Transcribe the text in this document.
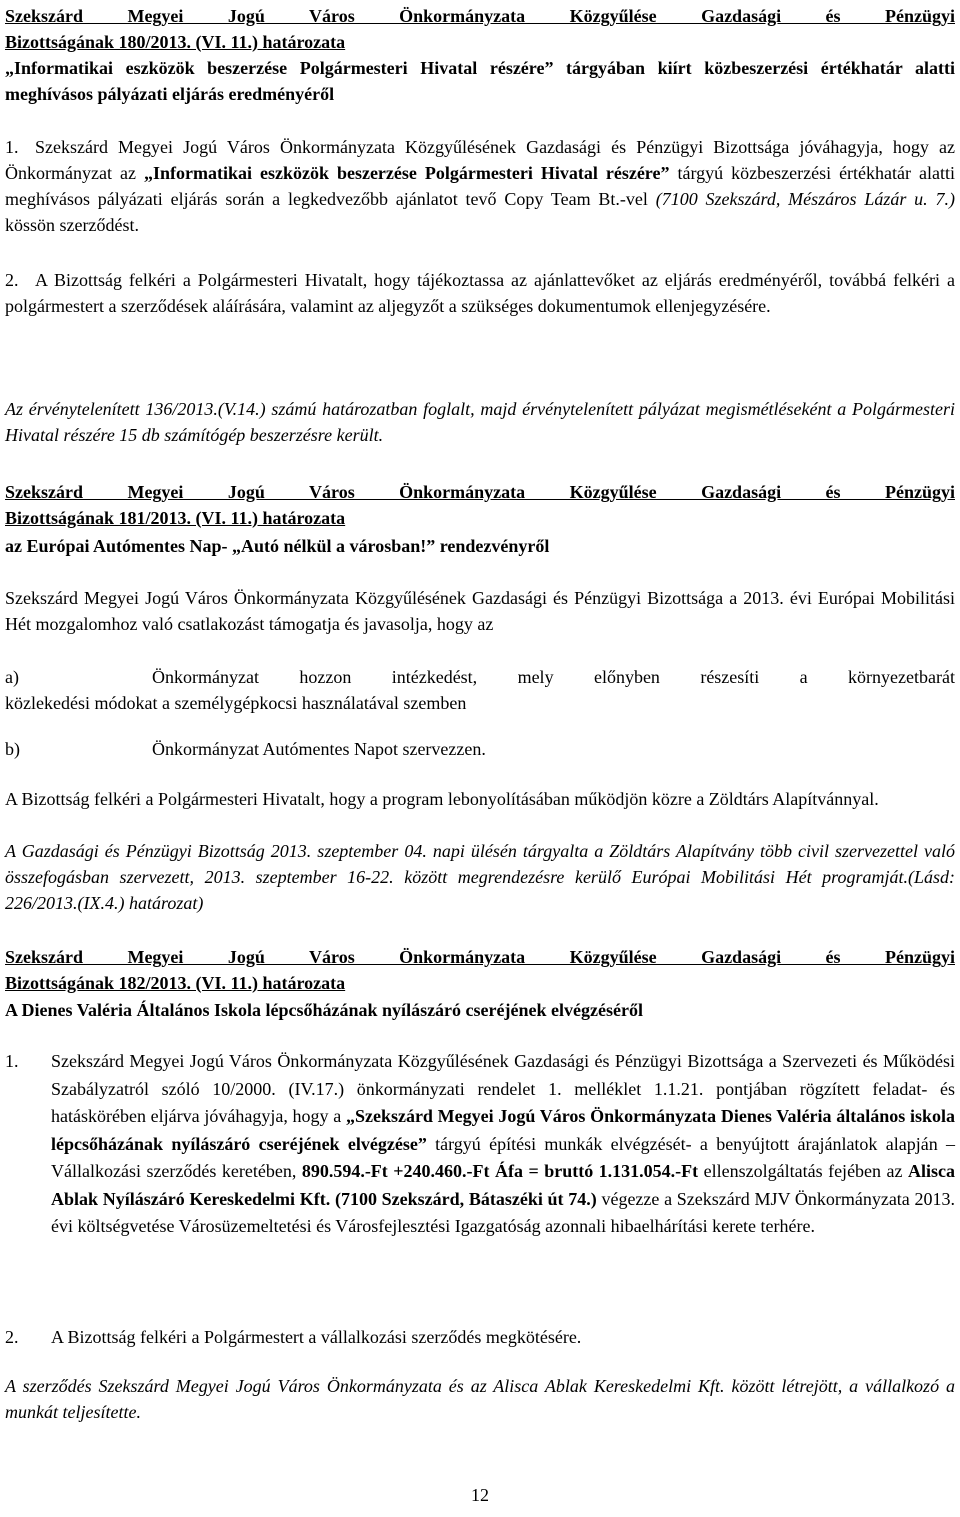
Szekszárd Megyei Jogú Város Önkormányzata Közgyűlése Gazdasági és Pénzügyi

Bizottságának 180/2013. (VI. 11.) határozata

„Informatikai eszközök beszerzése Polgármesteri Hivatal részére” tárgyában kiírt közbeszerzési értékhatár alatti meghívásos pályázati eljárás eredményéről
1. Szekszárd Megyei Jogú Város Önkormányzata Közgyűlésének Gazdasági és Pénzügyi Bizottsága jóváhagyja, hogy az Önkormányzat az „Informatikai eszközök beszerzése Polgármesteri Hivatal részére” tárgyú közbeszerzési értékhatár alatti meghívásos pályázati eljárás során a legkedvezőbb ajánlatot tevő Copy Team Bt.-vel (7100 Szekszárd, Mészáros Lázár u. 7.) kössön szerződést.

2. A Bizottság felkéri a Polgármesteri Hivatalt, hogy tájékoztassa az ajánlattevőket az eljárás eredményéről, továbbá felkéri a polgármestert a szerződések aláírására, valamint az aljegyzőt a szükséges dokumentumok ellenjegyzésére.

Az érvénytelenített 136/2013.(V.14.) számú határozatban foglalt, majd érvénytelenített pályázat megismétléseként a Polgármesteri Hivatal részére 15 db számítógép beszerzésre került.

Szekszárd Megyei Jogú Város Önkormányzata Közgyűlése Gazdasági és Pénzügyi

Bizottságának 181/2013. (VI. 11.) határozata

az Európai Autómentes Nap- „Autó nélkül a városban!” rendezvényről
Szekszárd Megyei Jogú Város Önkormányzata Közgyűlésének Gazdasági és Pénzügyi Bizottsága a 2013. évi Európai Mobilitási Hét mozgalomhoz való csatlakozást támogatja és javasolja, hogy az
a)	Önkormányzat hozzon intézkedést, mely előnyben részesíti a környezetbarát

közlekedési módokat a személygépkocsi használatával szemben

b)	Önkormányzat Autómentes Napot szervezzen.

A Bizottság felkéri a Polgármesteri Hivatalt, hogy a program lebonyolításában működjön közre a Zöldtárs Alapítvánnyal.
A Gazdasági és Pénzügyi Bizottság 2013. szeptember 04. napi ülésén tárgyalta a Zöldtárs Alapítvány több civil szervezettel való összefogásban szervezett, 2013. szeptember 16-22. között megrendezésre kerülő Európai Mobilitási Hét programját.(Lásd: 226/2013.(IX.4.) határozat)

Szekszárd Megyei Jogú Város Önkormányzata Közgyűlése Gazdasági és Pénzügyi

Bizottságának 182/2013. (VI. 11.) határozata

A Dienes Valéria Általános Iskola lépcsőházának nyílászáró cseréjének elvégzéséről
1. Szekszárd Megyei Jogú Város Önkormányzata Közgyűlésének Gazdasági és Pénzügyi Bizottsága a Szervezeti és Működési Szabályzatról szóló 10/2000. (IV.17.) önkormányzati rendelet 1. melléklet 1.1.21. pontjában rögzített feladat- és hatáskörében eljárva jóváhagyja, hogy a „Szekszárd Megyei Jogú Város Önkormányzata Dienes Valéria általános iskola lépcsőházának nyílászáró cseréjének elvégzése” tárgyú építési munkák elvégzését- a benyújtott árajánlatok alapján – Vállalkozási szerződés keretében, 890.594.-Ft +240.460.-Ft Áfa = bruttó 1.131.054.-Ft ellenszolgáltatás fejében az Alisca Ablak Nyílászáró Kereskedelmi Kft. (7100 Szekszárd, Bátaszéki út 74.) végezze a Szekszárd MJV Önkormányzata 2013. évi költségvetése Városüzemeltetési és Városfejlesztési Igazgatóság azonnali hibaelhárítási kerete terhére.

2. A Bizottság felkéri a Polgármestert a vállalkozási szerződés megkötésére.

A szerződés Szekszárd Megyei Jogú Város Önkormányzata és az Alisca Ablak Kereskedelmi Kft. között létrejött, a vállalkozó a munkát teljesítette.
12
